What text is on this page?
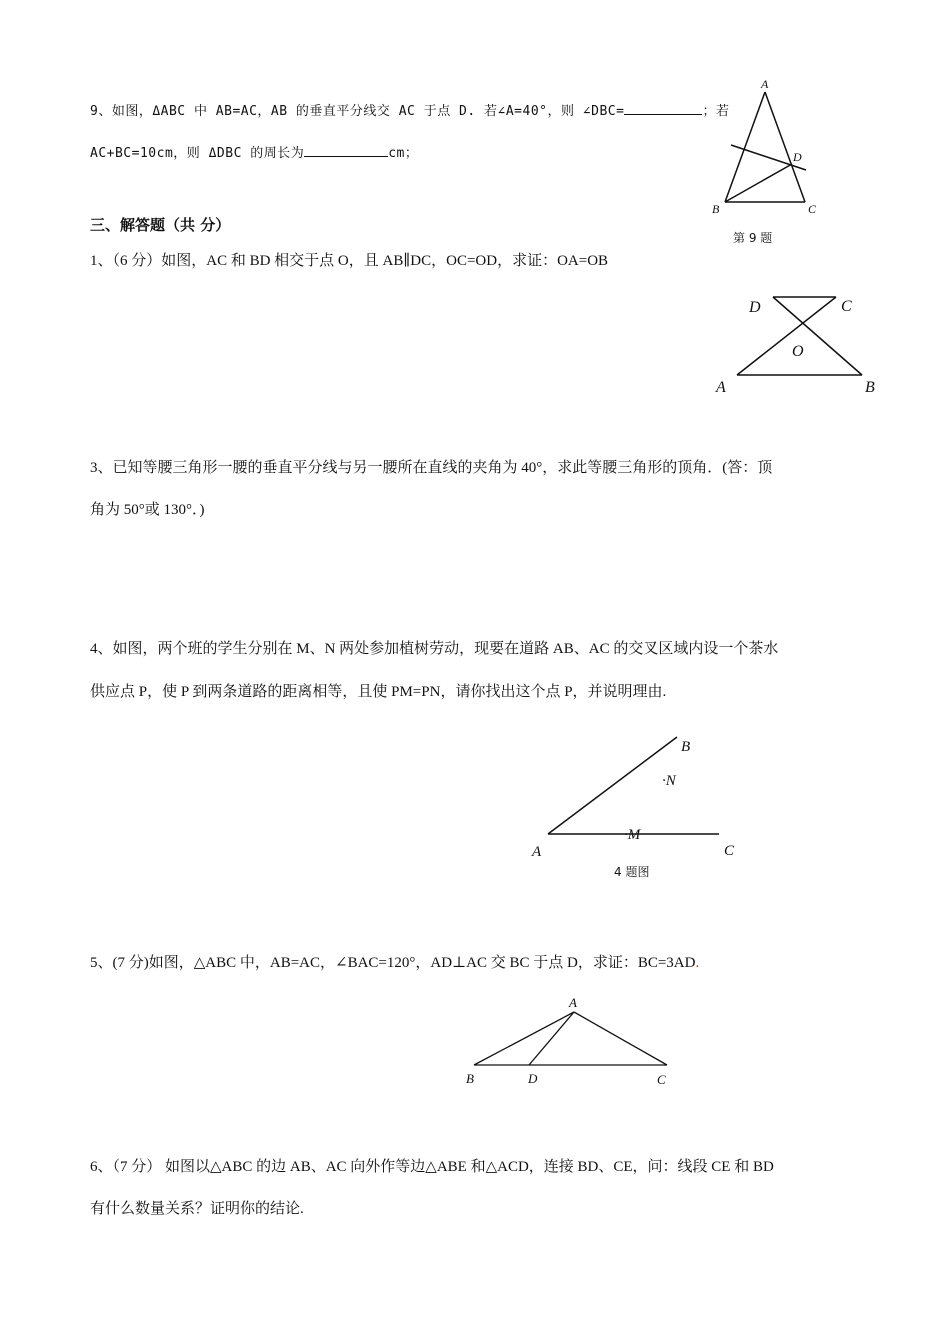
9、如图，ΔABC 中 AB=AC，AB 的垂直平分线交 AC 于点 D. 若∠A=40°，则 ∠DBC=	；若
AC+BC=10cm，则 ΔDBC 的周长为	cm；
A
B	C
D
D	C
O
A	B
B
·N
·M
A	C
A
B	D	C
第 9 题
三、解答题（共 分）
1、（6 分）如图，AC 和 BD 相交于点 O，且 AB∥DC，OC=OD，求证：OA=OB
3、已知等腰三角形一腰的垂直平分线与另一腰所在直线的夹角为 40°，求此等腰三角形的顶角．(答：顶
角为 50°或 130°．)
4、如图，两个班的学生分别在 M、N 两处参加植树劳动，现要在道路 AB、AC 的交叉区域内设一个茶水
供应点 P，使 P 到两条道路的距离相等，且使 PM=PN，请你找出这个点 P，并说明理由.
4 题图
5、(7 分)如图，△ABC 中，AB=AC，∠BAC=120°，AD⊥AC 交 BC 于点 D，求证：BC=3AD.
6、（7 分） 如图以△ABC 的边 AB、AC 向外作等边△ABE 和△ACD，连接 BD、CE，问：线段 CE 和 BD
有什么数量关系？证明你的结论.
